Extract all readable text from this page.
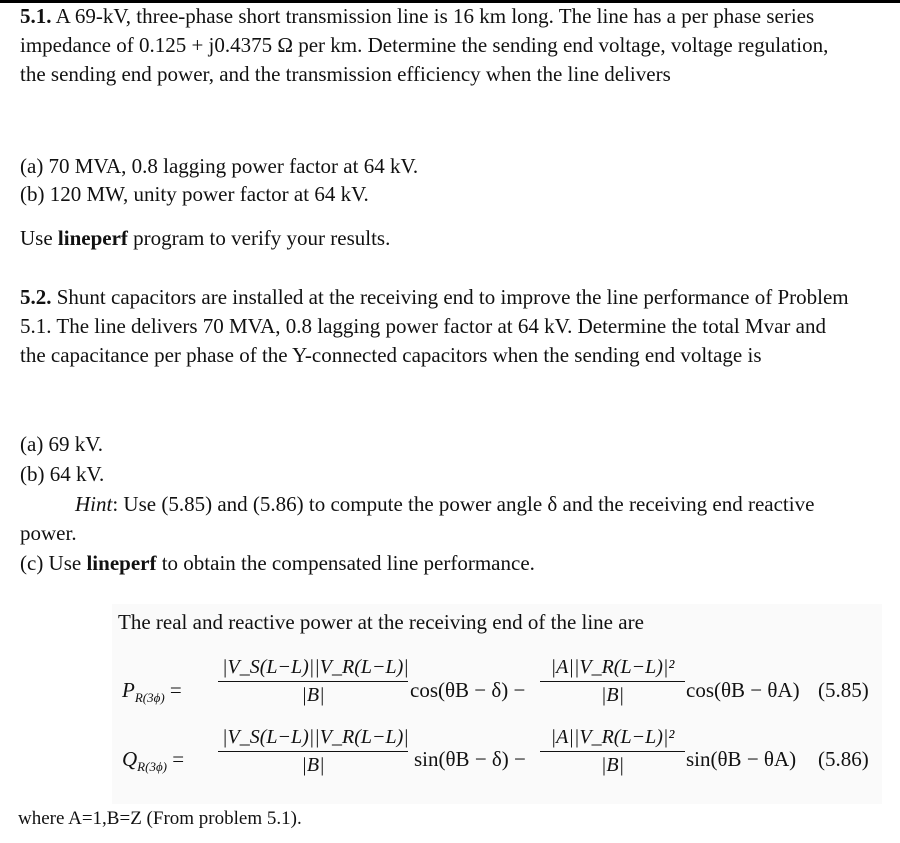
5.1. A 69-kV, three-phase short transmission line is 16 km long. The line has a per phase series impedance of 0.125 + j0.4375 Ω per km. Determine the sending end voltage, voltage regulation, the sending end power, and the transmission efficiency when the line delivers
(a) 70 MVA, 0.8 lagging power factor at 64 kV.
(b) 120 MW, unity power factor at 64 kV.
Use lineperf program to verify your results.
5.2. Shunt capacitors are installed at the receiving end to improve the line performance of Problem 5.1. The line delivers 70 MVA, 0.8 lagging power factor at 64 kV. Determine the total Mvar and the capacitance per phase of the Y-connected capacitors when the sending end voltage is
(a) 69 kV.
(b) 64 kV.
Hint: Use (5.85) and (5.86) to compute the power angle δ and the receiving end reactive power.
(c) Use lineperf to obtain the compensated line performance.
The real and reactive power at the receiving end of the line are
$P_{R(3\phi)} = \frac{|V\_S(L-L)||V\_R(L-L)|}{|B|} \cos(\theta B - \delta) - \frac{\text{|A||V\_R(L−L)|²}}{|B|} \cos(\theta B - \theta A)$ (5.85)
$Q_{R(3\phi)} = \frac{|V\_S(L-L)||V\_R(L-L)|}{|B|} \sin(\theta B - \delta) - \frac{\text{|A||V\_R(L−L)|²}}{|B|} \sin(\theta B - \theta A)$ (5.86)
where A=1,B=Z (From problem 5.1).
